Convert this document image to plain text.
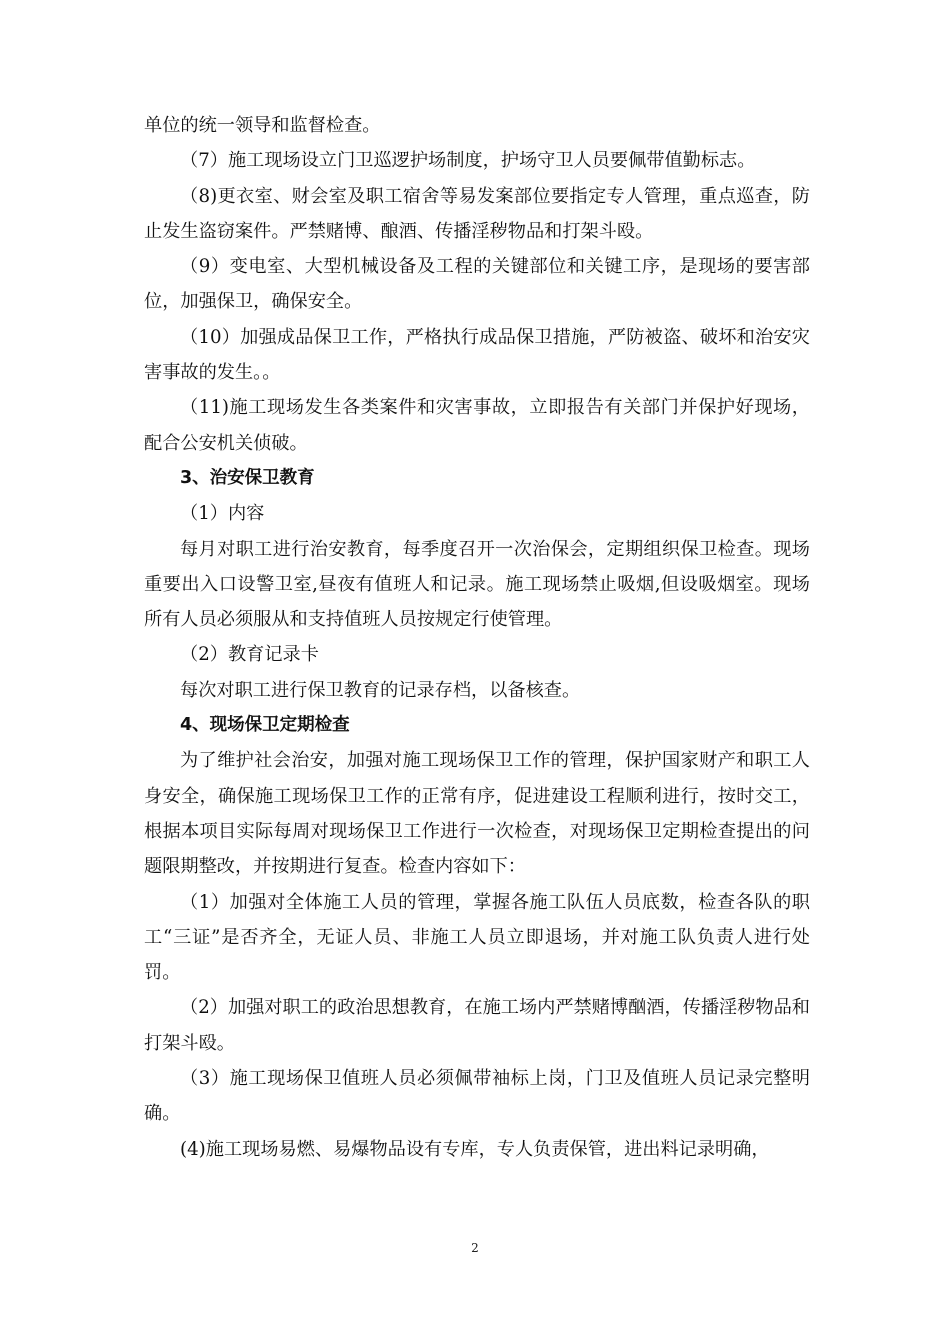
单位的统一领导和监督检查。

（7）施工现场设立门卫巡逻护场制度，护场守卫人员要佩带值勤标志。

（8)更衣室、财会室及职工宿舍等易发案部位要指定专人管理，重点巡查，防止发生盗窃案件。严禁赌博、酿酒、传播淫秽物品和打架斗殴。

（9）变电室、大型机械设备及工程的关键部位和关键工序，是现场的要害部位，加强保卫，确保安全。

（10）加强成品保卫工作，严格执行成品保卫措施，严防被盗、破坏和治安灾害事故的发生。。

（11)施工现场发生各类案件和灾害事故，立即报告有关部门并保护好现场，配合公安机关侦破。

3、治安保卫教育

（1）内容

每月对职工进行治安教育，每季度召开一次治保会，定期组织保卫检查。现场重要出入口设警卫室,昼夜有值班人和记录。施工现场禁止吸烟,但设吸烟室。现场所有人员必须服从和支持值班人员按规定行使管理。

（2）教育记录卡

每次对职工进行保卫教育的记录存档，以备核查。

4、现场保卫定期检查

为了维护社会治安，加强对施工现场保卫工作的管理，保护国家财产和职工人身安全，确保施工现场保卫工作的正常有序，促进建设工程顺利进行，按时交工，根据本项目实际每周对现场保卫工作进行一次检查，对现场保卫定期检查提出的问题限期整改，并按期进行复查。检查内容如下：

（1）加强对全体施工人员的管理，掌握各施工队伍人员底数，检查各队的职工“三证”是否齐全，无证人员、非施工人员立即退场，并对施工队负责人进行处罚。

（2）加强对职工的政治思想教育，在施工场内严禁赌博酗酒，传播淫秽物品和打架斗殴。

（3）施工现场保卫值班人员必须佩带袖标上岗，门卫及值班人员记录完整明确。

(4)施工现场易燃、易爆物品设有专库，专人负责保管，进出料记录明确，

2
